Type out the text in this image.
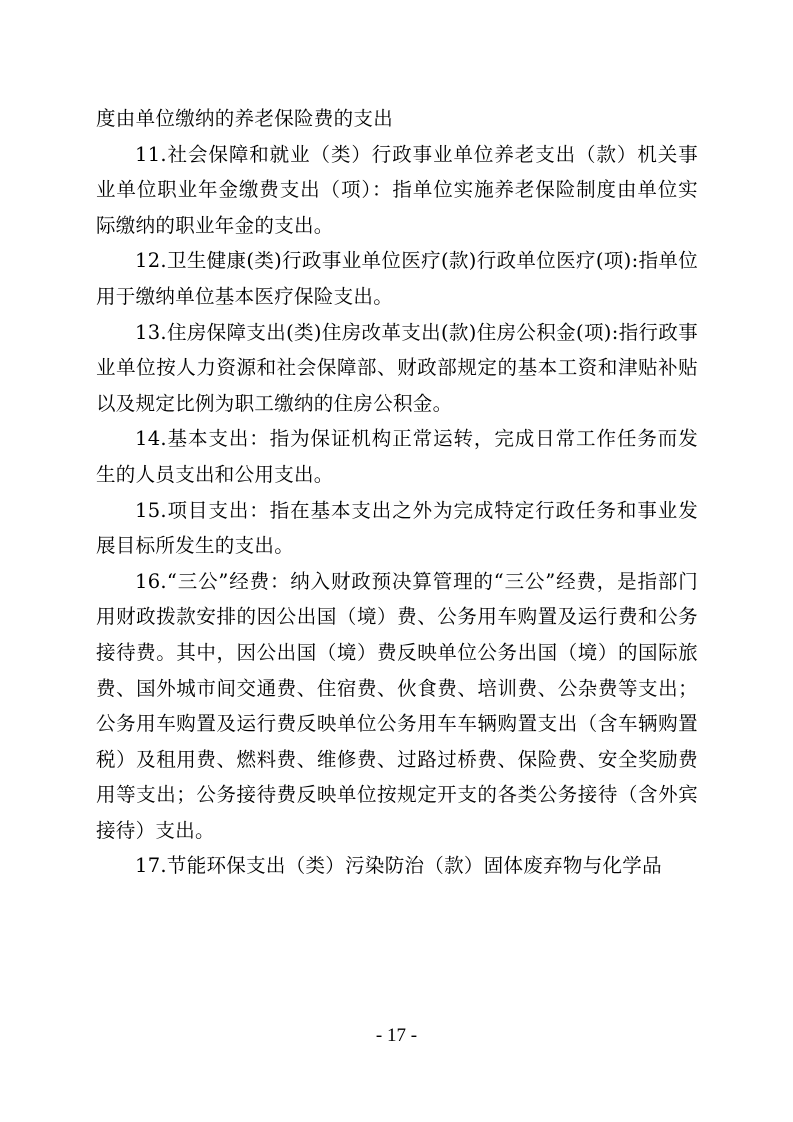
度由单位缴纳的养老保险费的支出

11.社会保障和就业（类）行政事业单位养老支出（款）机关事业单位职业年金缴费支出（项）：指单位实施养老保险制度由单位实际缴纳的职业年金的支出。

12.卫生健康(类)行政事业单位医疗(款)行政单位医疗(项):指单位用于缴纳单位基本医疗保险支出。

13.住房保障支出(类)住房改革支出(款)住房公积金(项):指行政事业单位按人力资源和社会保障部、财政部规定的基本工资和津贴补贴以及规定比例为职工缴纳的住房公积金。

14.基本支出：指为保证机构正常运转，完成日常工作任务而发生的人员支出和公用支出。

15.项目支出：指在基本支出之外为完成特定行政任务和事业发展目标所发生的支出。

16.“三公”经费：纳入财政预决算管理的“三公”经费，是指部门用财政拨款安排的因公出国（境）费、公务用车购置及运行费和公务接待费。其中，因公出国（境）费反映单位公务出国（境）的国际旅费、国外城市间交通费、住宿费、伙食费、培训费、公杂费等支出；公务用车购置及运行费反映单位公务用车车辆购置支出（含车辆购置税）及租用费、燃料费、维修费、过路过桥费、保险费、安全奖励费用等支出；公务接待费反映单位按规定开支的各类公务接待（含外宾接待）支出。

17.节能环保支出（类）污染防治（款）固体废弃物与化学品

- 17 -
